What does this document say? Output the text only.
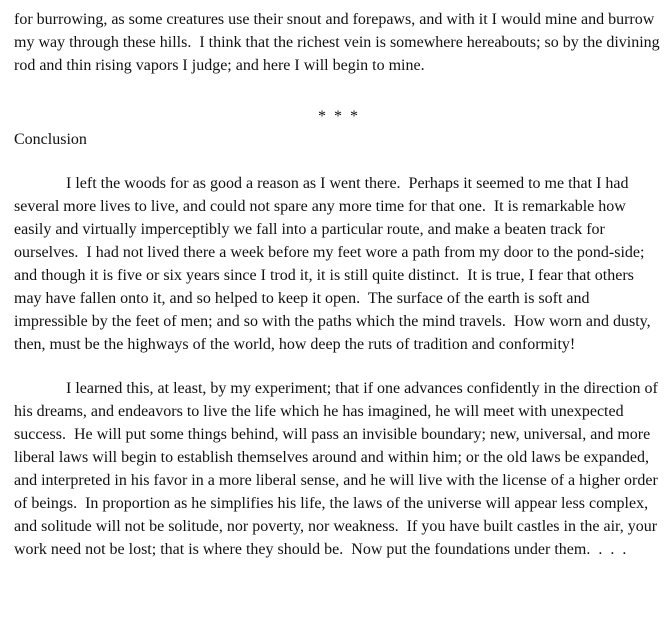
for burrowing, as some creatures use their snout and forepaws, and with it I would mine and burrow my way through these hills.  I think that the richest vein is somewhere hereabouts; so by the divining rod and thin rising vapors I judge; and here I will begin to mine.

* * *

Conclusion

I left the woods for as good a reason as I went there.  Perhaps it seemed to me that I had several more lives to live, and could not spare any more time for that one.  It is remarkable how easily and virtually imperceptibly we fall into a particular route, and make a beaten track for ourselves.  I had not lived there a week before my feet wore a path from my door to the pond-side; and though it is five or six years since I trod it, it is still quite distinct.  It is true, I fear that others may have fallen onto it, and so helped to keep it open.  The surface of the earth is soft and impressible by the feet of men; and so with the paths which the mind travels.  How worn and dusty, then, must be the highways of the world, how deep the ruts of tradition and conformity!

I learned this, at least, by my experiment; that if one advances confidently in the direction of his dreams, and endeavors to live the life which he has imagined, he will meet with unexpected success.  He will put some things behind, will pass an invisible boundary; new, universal, and more liberal laws will begin to establish themselves around and within him; or the old laws be expanded, and interpreted in his favor in a more liberal sense, and he will live with the license of a higher order of beings.  In proportion as he simplifies his life, the laws of the universe will appear less complex, and solitude will not be solitude, nor poverty, nor weakness.  If you have built castles in the air, your work need not be lost; that is where they should be.  Now put the foundations under them.  .  .  .
